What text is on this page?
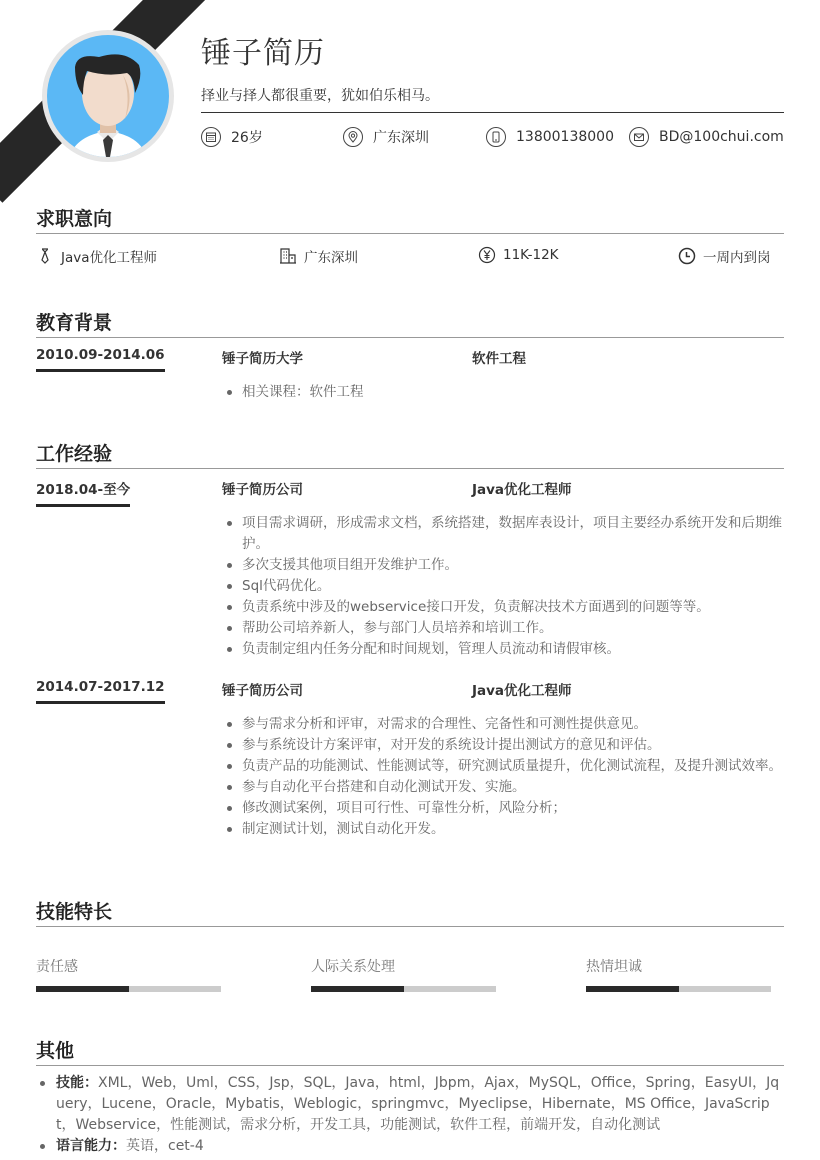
锤子简历
择业与择人都很重要，犹如伯乐相马。
26岁	广东深圳	13800138000	BD@100chui.com
求职意向
Java优化工程师	广东深圳	11K-12K	一周内到岗
教育背景
2010.09-2014.06	锤子简历大学	软件工程
相关课程：软件工程
工作经验
2018.04-至今	锤子简历公司	Java优化工程师
项目需求调研，形成需求文档，系统搭建，数据库表设计，项目主要经办系统开发和后期维护。
多次支援其他项目组开发维护工作。
Sql代码优化。
负责系统中涉及的webservice接口开发，负责解决技术方面遇到的问题等等。
帮助公司培养新人，参与部门人员培养和培训工作。
负责制定组内任务分配和时间规划，管理人员流动和请假审核。
2014.07-2017.12	锤子简历公司	Java优化工程师
参与需求分析和评审，对需求的合理性、完备性和可测性提供意见。
参与系统设计方案评审，对开发的系统设计提出测试方的意见和评估。
负责产品的功能测试、性能测试等，研究测试质量提升，优化测试流程，及提升测试效率。
参与自动化平台搭建和自动化测试开发、实施。
修改测试案例，项目可行性、可靠性分析，风险分析；
制定测试计划，测试自动化开发。
技能特长
责任感	人际关系处理	热情坦诚
其他
技能：XML，Web，Uml，CSS，Jsp，SQL，Java，html，Jbpm，Ajax，MySQL，Office，Spring，EasyUI，Jquery，Lucene，Oracle，Mybatis，Weblogic，springmvc，Myeclipse，Hibernate，MS Office，JavaScript，Webservice，性能测试，需求分析，开发工具，功能测试，软件工程，前端开发，自动化测试
语言能力：英语，cet-4
